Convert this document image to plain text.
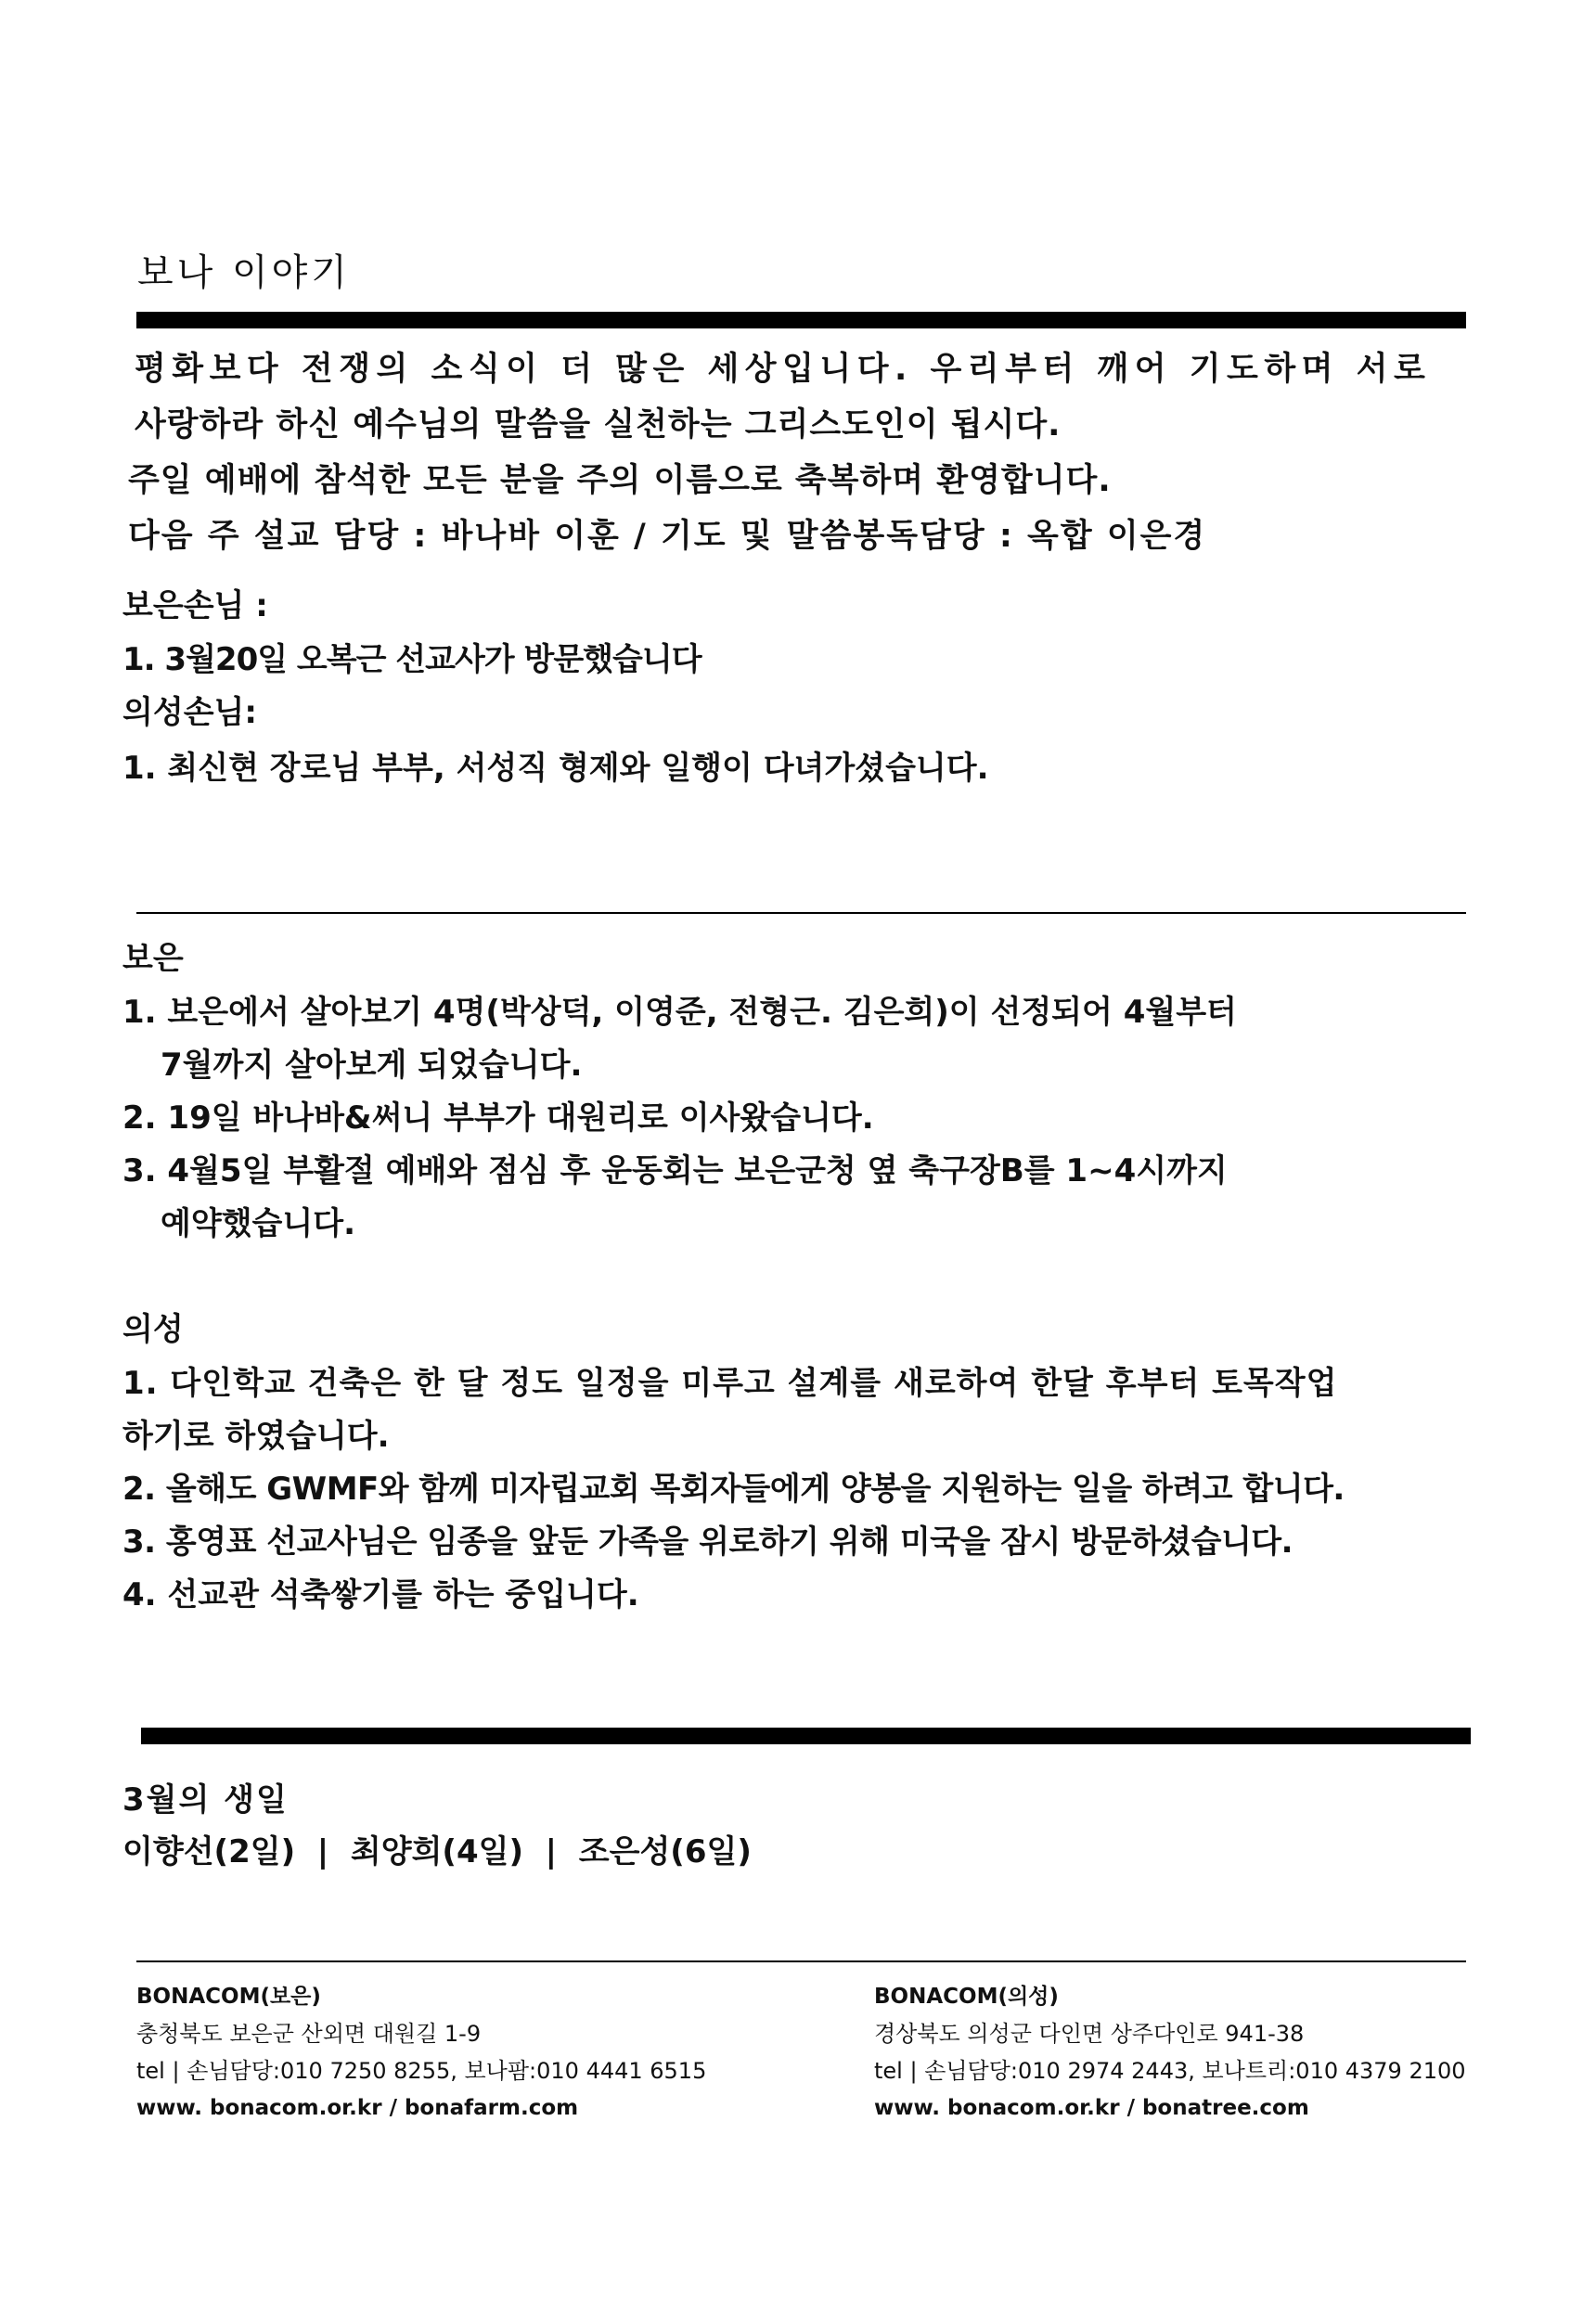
보나 이야기
평화보다 전쟁의 소식이 더 많은 세상입니다. 우리부터 깨어 기도하며 서로
사랑하라 하신 예수님의 말씀을 실천하는 그리스도인이 됩시다.
주일 예배에 참석한 모든 분을 주의 이름으로 축복하며 환영합니다.
다음 주 설교 담당 : 바나바 이훈 / 기도 및 말씀봉독담당 : 옥합 이은경
보은손님 :
1. 3월20일 오복근 선교사가 방문했습니다
의성손님:
1. 최신현 장로님 부부, 서성직 형제와 일행이 다녀가셨습니다.
보은
1. 보은에서 살아보기 4명(박상덕, 이영준, 전형근. 김은희)이 선정되어 4월부터
7월까지 살아보게 되었습니다.
2. 19일 바나바&써니 부부가 대원리로 이사왔습니다.
3. 4월5일 부활절 예배와 점심 후 운동회는 보은군청 옆 축구장B를 1~4시까지
예약했습니다.
의성
1. 다인학교 건축은 한 달 정도 일정을 미루고 설계를 새로하여 한달 후부터 토목작업
하기로 하였습니다.
2. 올해도 GWMF와 함께 미자립교회 목회자들에게 양봉을 지원하는 일을 하려고 합니다.
3. 홍영표 선교사님은 임종을 앞둔 가족을 위로하기 위해 미국을 잠시 방문하셨습니다.
4. 선교관 석축쌓기를 하는 중입니다.
3월의 생일
이향선(2일)  |  최양희(4일)  |  조은성(6일)
BONACOM(보은)
충청북도 보은군 산외면 대원길 1-9
tel | 손님담당:010 7250 8255, 보나팜:010 4441 6515
www. bonacom.or.kr / bonafarm.com
BONACOM(의성)
경상북도 의성군 다인면 상주다인로 941-38
tel | 손님담당:010 2974 2443, 보나트리:010 4379 2100
www. bonacom.or.kr / bonatree.com
